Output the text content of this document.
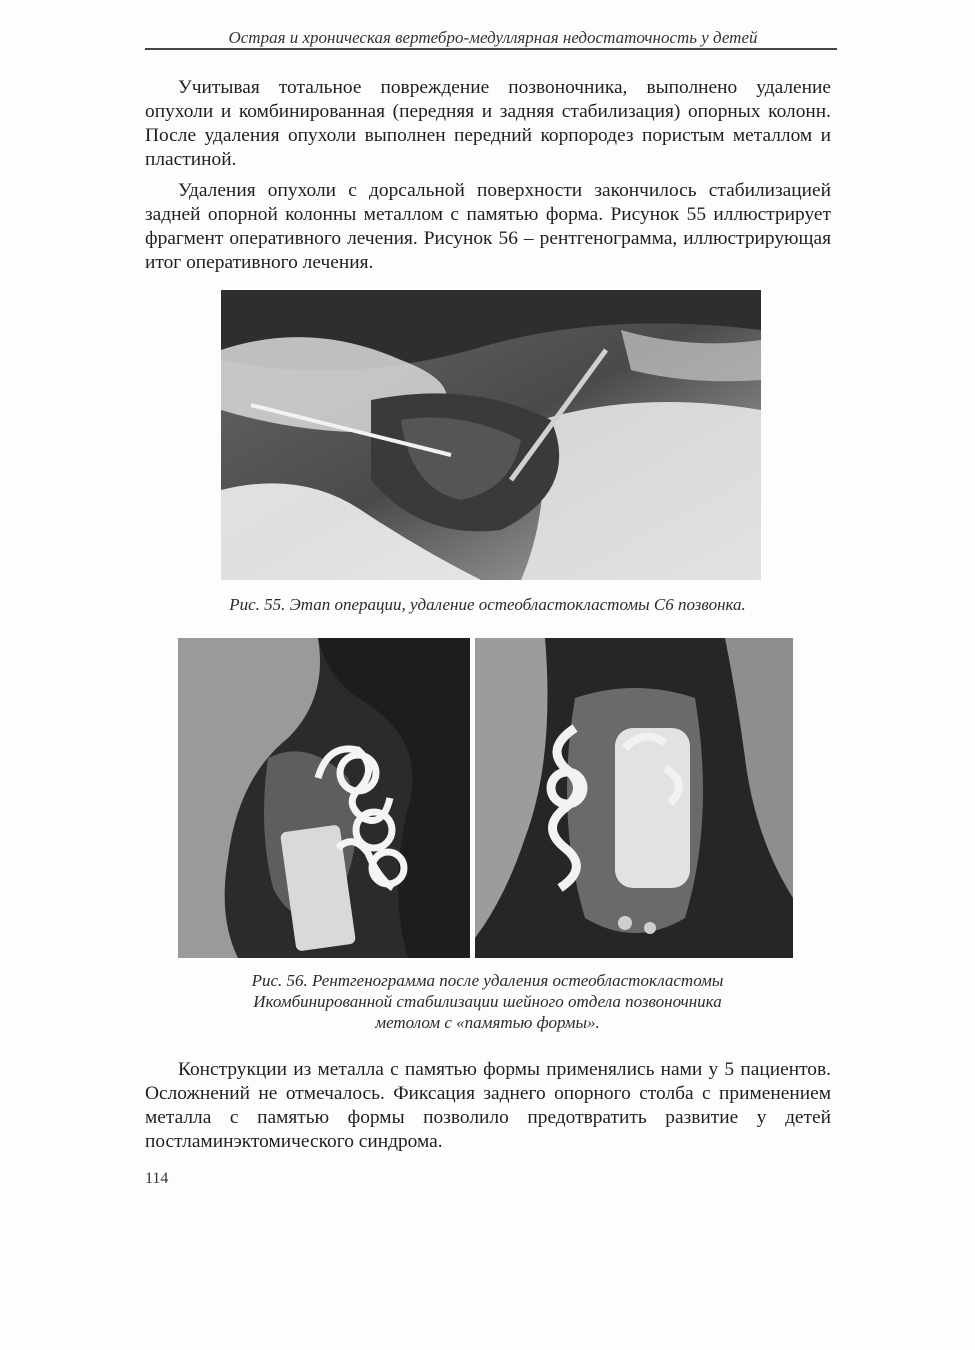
Острая и хроническая вертебро-медуллярная недостаточность у детей

Учитывая тотальное повреждение позвоночника, выполнено удаление опухоли и комбинированная (передняя и задняя стабилизация) опорных колонн. После удаления опухоли выполнен передний корпородез пористым металлом и пластиной.

Удаления опухоли с дорсальной поверхности закончилось стабилизацией задней опорной колонны металлом с памятью форма. Рисунок 55 иллюстрирует фрагмент оперативного лечения. Рисунок 56 – рентгенограмма, иллюстрирующая итог оперативного лечения.

Рис. 55. Этап операции, удаление остеобластокластомы С6 позвонка.
Рис. 56. Рентгенограмма после удаления остеобластокластомы
Икомбинированной стабилизации шейного отдела позвоночника
метолом с «памятью формы».

Конструкции из металла с памятью формы применялись нами у 5 пациентов. Осложнений не отмечалось. Фиксация заднего опорного столба с применением металла с памятью формы позволило предотвратить развитие у детей постламинэктомического синдрома.

114
